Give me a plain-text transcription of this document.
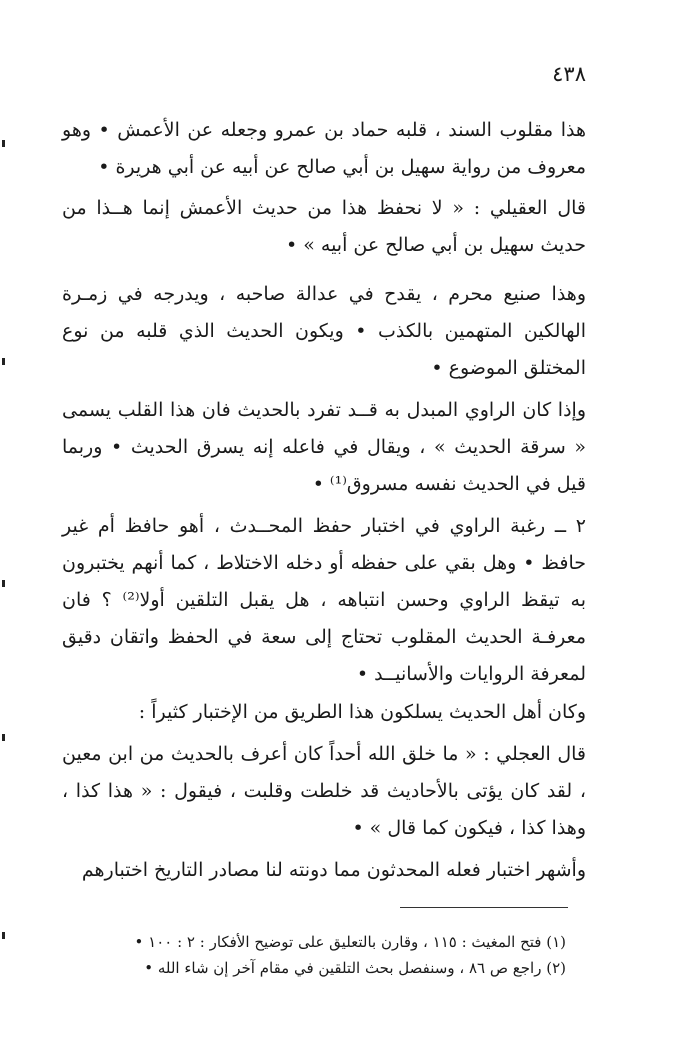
٤٣٨

هذا مقلوب السند ، قلبه حماد بن عمرو وجعله عن الأعمش • وهو معروف من رواية سهيل بن أبي صالح عن أبيه عن أبي هريرة •

قال العقيلي : « لا نحفظ هذا من حديث الأعمش إنما هــذا من حديث سهيل بن أبي صالح عن أبيه » •

وهذا صنيع محرم ، يقدح في عدالة صاحبه ، ويدرجه في زمـرة الهالكين المتهمين بالكذب • ويكون الحديث الذي قلبه من نوع المختلق الموضوع •

وإذا كان الراوي المبدل به قــد تفرد بالحديث فان هذا القلب يسمى « سرقة الحديث » ، ويقال في فاعله إنه يسرق الحديث • وربما قيل في الحديث نفسه مسروق⁽¹⁾ •

٢ ــ رغبة الراوي في اختبار حفظ المحــدث ، أهو حافظ أم غير حافظ • وهل بقي على حفظه أو دخله الاختلاط ، كما أنهم يختبرون به تيقظ الراوي وحسن انتباهه ، هل يقبل التلقين أولا⁽²⁾ ؟ فان معرفـة الحديث المقلوب تحتاج إلى سعة في الحفظ واتقان دقيق لمعرفة الروايات والأسانيــد •

وكان أهل الحديث يسلكون هذا الطريق من الإختبار كثيراً :

قال العجلي : « ما خلق الله أحداً كان أعرف بالحديث من ابن معين ، لقد كان يؤتى بالأحاديث قد خلطت وقلبت ، فيقول : « هذا كذا ، وهذا كذا ، فيكون كما قال » •

وأشهر اختبار فعله المحدثون مما دونته لنا مصادر التاريخ اختبارهم

(١) فتح المغيث : ١١٥ ، وقارن بالتعليق على توضيح الأفكار : ٢ : ١٠٠ •

(٢) راجع ص ٨٦ ، وسنفصل بحث التلقين في مقام آخر إن شاء الله •
